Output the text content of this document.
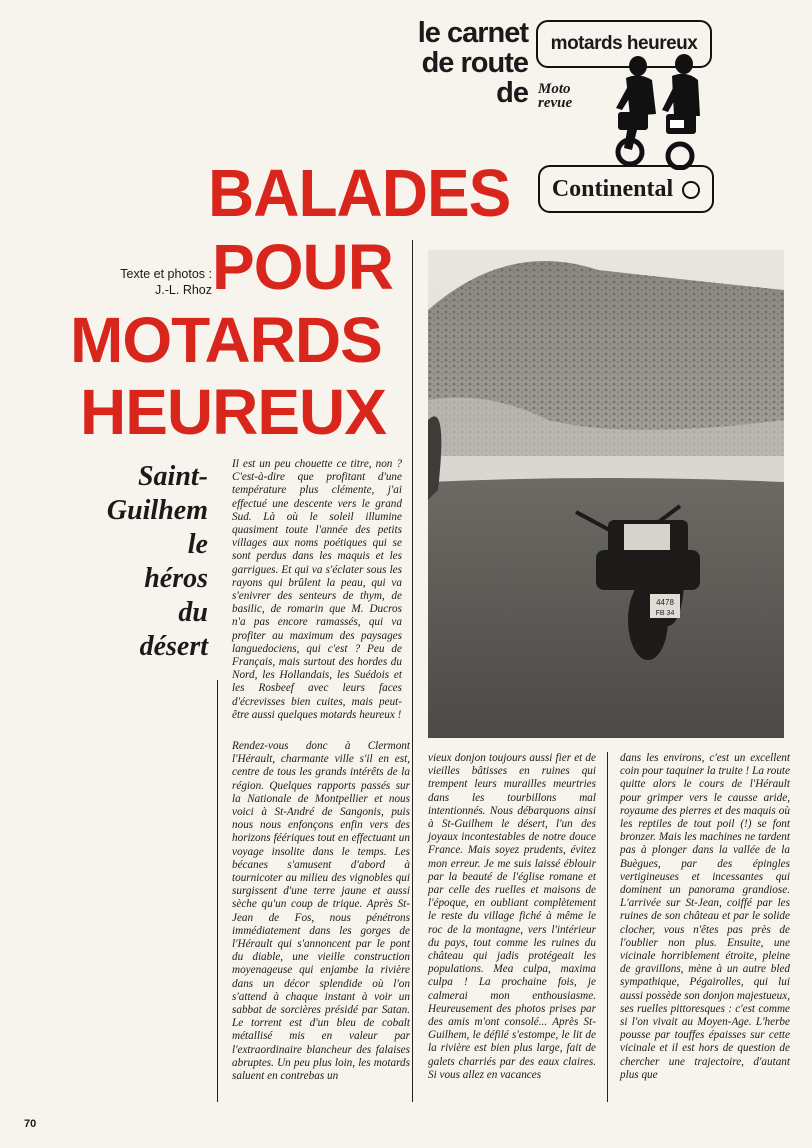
le carnet
de route
de
motards heureux
Moto
revue
Continental
BALADES
POUR
MOTARDS
HEUREUX
Texte et photos :
J.-L. Rhoz
Saint-
Guilhem
le
héros
du
désert
4478
FB 34

Il est un peu chouette ce titre, non ? C'est-à-dire que profitant d'une température plus clémente, j'ai effectué une descente vers le grand Sud. Là où le soleil illumine quasiment toute l'année des petits villages aux noms poétiques qui se sont perdus dans les maquis et les garrigues. Et qui va s'éclater sous les rayons qui brûlent la peau, qui va s'enivrer des senteurs de thym, de basilic, de romarin que M. Ducros n'a pas encore ramassés, qui va profiter au maximum des paysages languedociens, qui c'est ? Peu de Français, mais surtout des hordes du Nord, les Hollandais, les Suédois et les Rosbeef avec leurs faces d'écrevisses bien cuites, mais peut-être aussi quelques motards heureux !

Rendez-vous donc à Clermont l'Hérault, charmante ville s'il en est, centre de tous les grands intérêts de la région. Quelques rapports passés sur la Nationale de Montpellier et nous voici à St-André de Sangonis, puis nous nous enfonçons enfin vers des horizons féériques tout en effectuant un voyage insolite dans le temps. Les bécanes s'amusent d'abord à tournicoter au milieu des vignobles qui surgissent d'une terre jaune et aussi sèche qu'un coup de trique. Après St-Jean de Fos, nous pénétrons immédiatement dans les gorges de l'Hérault qui s'annoncent par le pont du diable, une vieille construction moyenageuse qui enjambe la rivière dans un décor splendide où l'on s'attend à chaque instant à voir un sabbat de sorcières présidé par Satan. Le torrent est d'un bleu de cobalt métallisé mis en valeur par l'extraordinaire blancheur des falaises abruptes. Un peu plus loin, les motards saluent en contrebas un

vieux donjon toujours aussi fier et de vieilles bâtisses en ruines qui trempent leurs murailles meurtries dans les tourbillons mal intentionnés. Nous débarquons ainsi à St-Guilhem le désert, l'un des joyaux incontestables de notre douce France. Mais soyez prudents, évitez mon erreur. Je me suis laissé éblouir par la beauté de l'église romane et par celle des ruelles et maisons de l'époque, en oubliant complètement le reste du village fiché à même le roc de la montagne, vers l'intérieur du pays, tout comme les ruines du château qui jadis protégeait les populations. Mea culpa, maxima culpa ! La prochaine fois, je calmerai mon enthousiasme. Heureusement des photos prises par des amis m'ont consolé... Après St-Guilhem, le défilé s'estompe, le lit de la rivière est bien plus large, fait de galets charriés par des eaux claires. Si vous allez en vacances

dans les environs, c'est un excellent coin pour taquiner la truite ! La route quitte alors le cours de l'Hérault pour grimper vers le causse aride, royaume des pierres et des maquis où les reptiles de tout poil (!) se font bronzer. Mais les machines ne tardent pas à plonger dans la vallée de la Buègues, par des épingles vertigineuses et incessantes qui dominent un panorama grandiose. L'arrivée sur St-Jean, coiffé par les ruines de son château et par le solide clocher, vous n'êtes pas près de l'oublier non plus. Ensuite, une vicinale horriblement étroite, pleine de gravillons, mène à un autre bled sympathique, Pégairolles, qui lui aussi possède son donjon majestueux, ses ruelles pittoresques : c'est comme si l'on vivait au Moyen-Age. L'herbe pousse par touffes épaisses sur cette vicinale et il est hors de question de chercher une trajectoire, d'autant plus que

70
